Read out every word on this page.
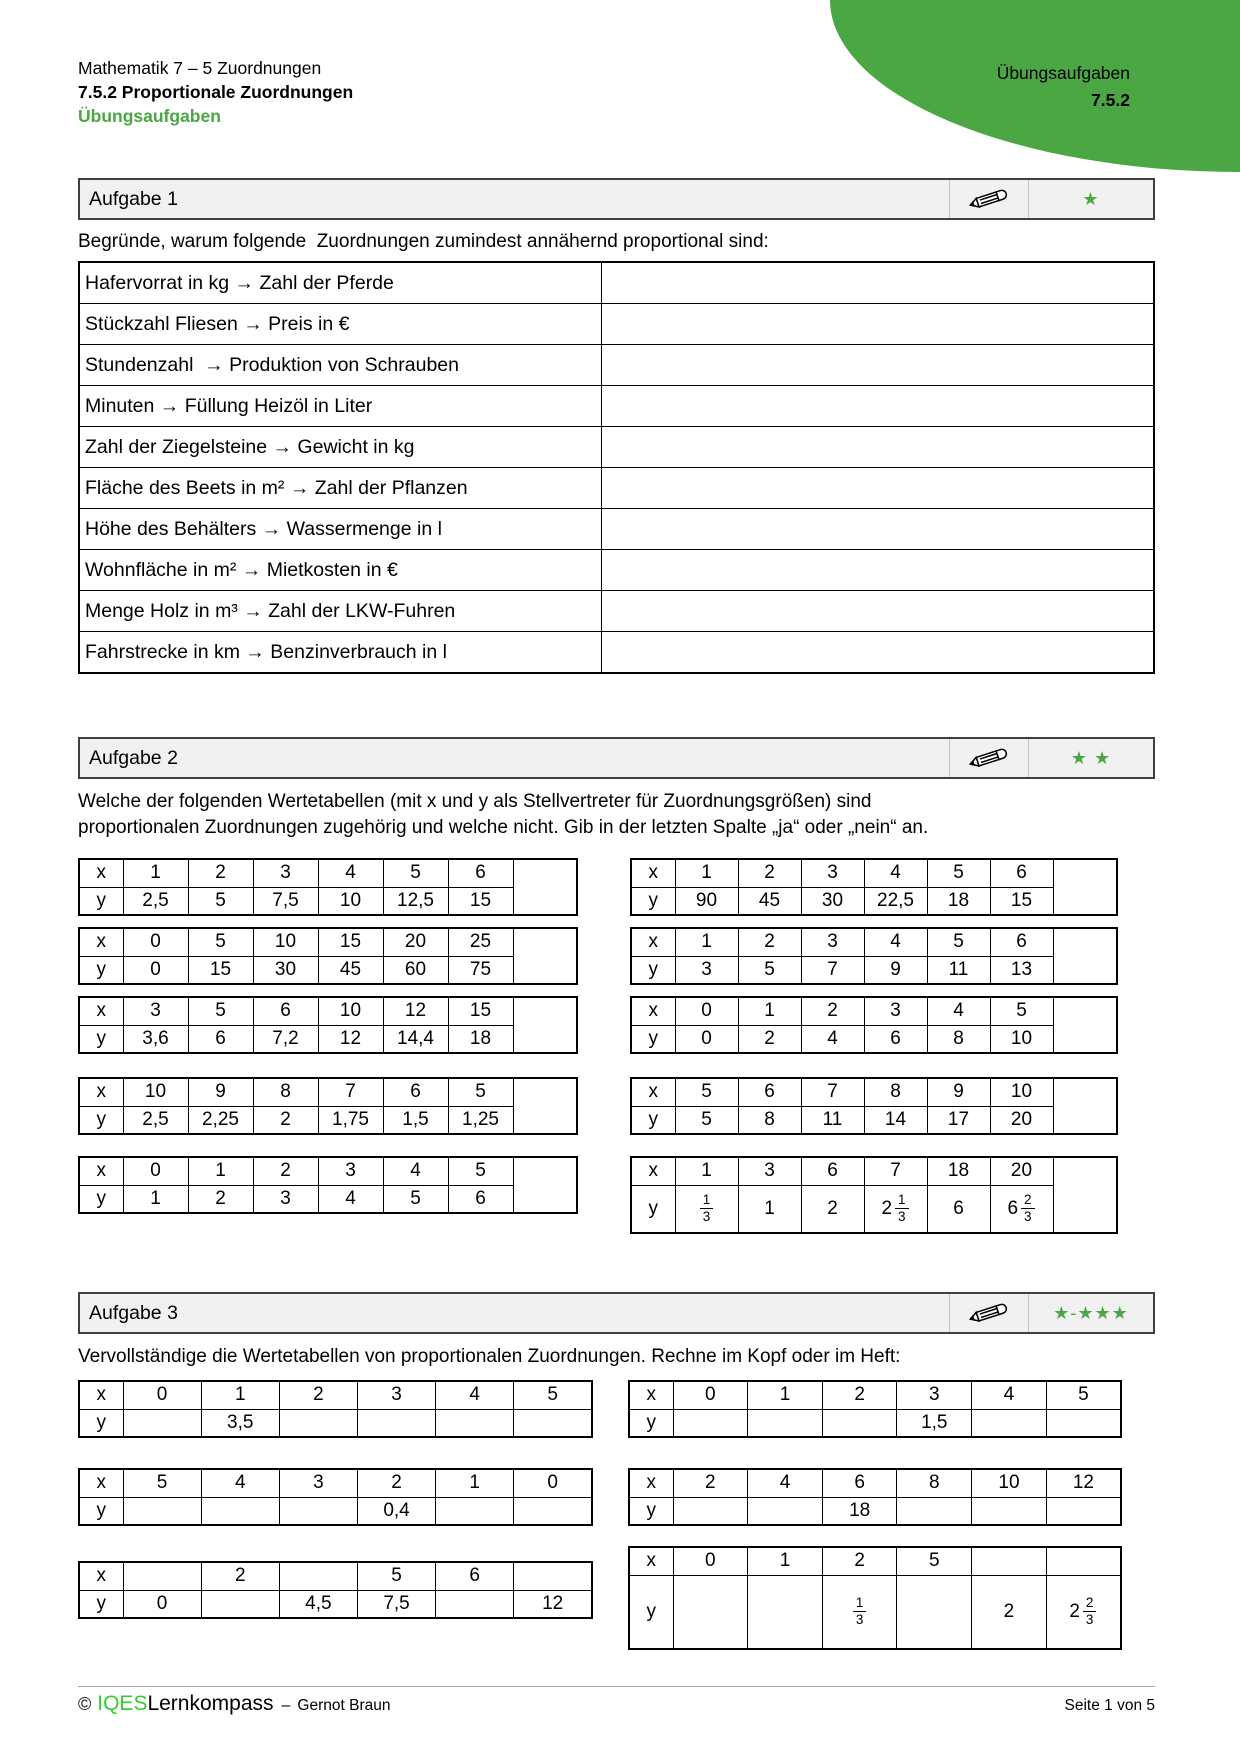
Übungsaufgaben
7.5.2
Mathematik 7 – 5 Zuordnungen
7.5.2 Proportionale Zuordnungen
Übungsaufgaben
Aufgabe 1	★
Begründe, warum folgende  Zuordnungen zumindest annähernd proportional sind:
Hafervorrat in kg → Zahl der Pferde	
Stückzahl Fliesen → Preis in €	
Stundenzahl  → Produktion von Schrauben	
Minuten → Füllung Heizöl in Liter	
Zahl der Ziegelsteine → Gewicht in kg	
Fläche des Beets in m² → Zahl der Pflanzen	
Höhe des Behälters → Wassermenge in l	
Wohnfläche in m² → Mietkosten in €	
Menge Holz in m³ → Zahl der LKW-Fuhren	
Fahrstrecke in km → Benzinverbrauch in l	
Aufgabe 2	★ ★
Welche der folgenden Wertetabellen (mit x und y als Stellvertreter für Zuordnungsgrößen) sind
proportionalen Zuordnungen zugehörig und welche nicht. Gib in der letzten Spalte „ja“ oder „nein“ an.
x	1	2	3	4	5	6	
y	2,5	5	7,5	10	12,5	15	
x	1	2	3	4	5	6	
y	90	45	30	22,5	18	15	
x	0	5	10	15	20	25	
y	0	15	30	45	60	75	
x	1	2	3	4	5	6	
y	3	5	7	9	11	13	
x	3	5	6	10	12	15	
y	3,6	6	7,2	12	14,4	18	
x	0	1	2	3	4	5	
y	0	2	4	6	8	10	
x	10	9	8	7	6	5	
y	2,5	2,25	2	1,75	1,5	1,25	
x	5	6	7	8	9	10	
y	5	8	11	14	17	20	
x	0	1	2	3	4	5	
y	1	2	3	4	5	6	
x	1	3	6	7	18	20	
y	$\frac{1}{3}$	1	2	$2 \frac{1}{3}$	6	$6 \frac{2}{3}$
Aufgabe 3	★-★★★
Vervollständige die Wertetabellen von proportionalen Zuordnungen. Rechne im Kopf oder im Heft:
x	0	1	2	3	4	5
y		3,5				
x	0	1	2	3	4	5
y				1,5		
x	5	4	3	2	1	0
y				0,4		
x	2	4	6	8	10	12
y			18			
x		2		5	6	
y	0		4,5	7,5		12
x	0	1	2	5		
y			$\frac{1}{3}$		2	$2 \frac{2}{3}$
© IQES Lernkompass – Gernot Braun	Seite 1 von 5
